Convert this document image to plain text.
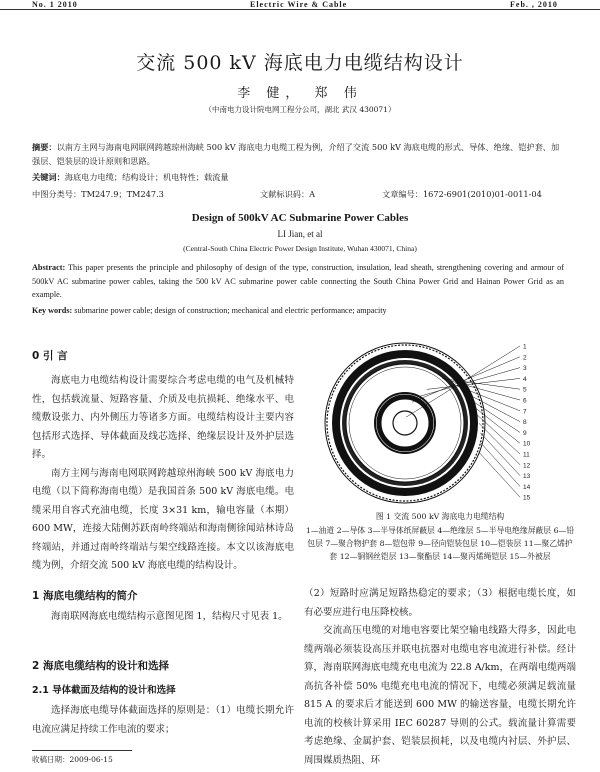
No. 1 2010	Electric Wire & Cable	Feb. , 2010
交流 500 kV 海底电力电缆结构设计
李 健， 郑 伟
（中南电力设计院电网工程分公司，湖北 武汉 430071）
摘要：以南方主网与海南电网联网跨越琼州海峡 500 kV 海底电力电缆工程为例，介绍了交流 500 kV 海底电缆的形式、导体、绝缘、铠护套、加强层、铠装层的设计原则和思路。
关键词：海底电力电缆；结构设计；机电特性；载流量
中图分类号：TM247.9；TM247.3	文献标识码：A	文章编号：1672-6901(2010)01-0011-04
Design of 500kV AC Submarine Power Cables
LI Jian, et al
(Central-South China Electric Power Design Institute, Wuhan 430071, China)
Abstract: This paper presents the principle and philosophy of design of the type, construction, insulation, lead sheath, strengthening covering and armour of 500kV AC submarine power cables, taking the 500 kV AC submarine power cable connecting the South China Power Grid and Hainan Power Grid as an example.
Key words: submarine power cable; design of construction; mechanical and electric performance; ampacity
0 引 言

海底电力电缆结构设计需要综合考虑电缆的电气及机械特性，包括载流量、短路容量、介质及电抗损耗、绝缘水平、电缆敷设张力、内外侧压力等诸多方面。电缆结构设计主要内容包括形式选择、导体截面及线芯选择、绝缘层设计及外护层选择。

南方主网与海南电网联网跨越琼州海峡 500 kV 海底电力电缆（以下简称海南电缆）是我国首条 500 kV 海底电缆。电缆采用自容式充油电缆，长度 3×31 km，输电容量（本期）600 MW，连接大陆侧苏跃南岭终端站和海南侧徐闻站林诗岛终端站，并通过南岭终端站与架空线路连接。本文以该海底电缆为例，介绍交流 500 kV 海底电缆的结构设计。

1 海底电缆结构的简介

海南联网海底电缆结构示意图见图 1，结构尺寸见表 1。

2 海底电缆结构的设计和选择
2.1 导体截面及结构的设计和选择

选择海底电缆导体截面选择的原则是：（1）电缆长期允许电流应满足持续工作电流的要求；

收稿日期：2009-06-15
1
2
3
4
5
6
7
8
9
10
11
12
13
14
15
图 1 交流 500 kV 海底电力电缆结构
1—油道 2—导体 3—半导体纸屏蔽层 4—绝缘层 5—半导电绝缘屏蔽层 6—铅包层 7—聚合物护套 8—铠包带 9—径向铠装包层 10—铠装层 11—聚乙烯护套 12—铜钢丝铠层 13—聚酯层 14—聚丙烯绳铠层 15—外被层

（2）短路时应满足短路热稳定的要求；（3）根据电缆长度，如有必要应进行电压降校核。

交流高压电缆的对地电容要比架空输电线路大得多，因此电缆两端必须装设高压并联电抗器对电缆电容电流进行补偿。经计算，海南联网海底电缆充电电流为 22.8 A/km，在两端电缆两端高抗各补偿 50% 电缆充电电流的情况下，电缆必须满足载流量 815 A 的要求后才能送到 600 MW 的输送容量，电缆长期允许电流的校核计算采用 IEC 60287 导则的公式。载流量计算需要考虑绝缘、金属护套、铠装层损耗，以及电缆内衬层、外护层、周围媒质热阻、环
